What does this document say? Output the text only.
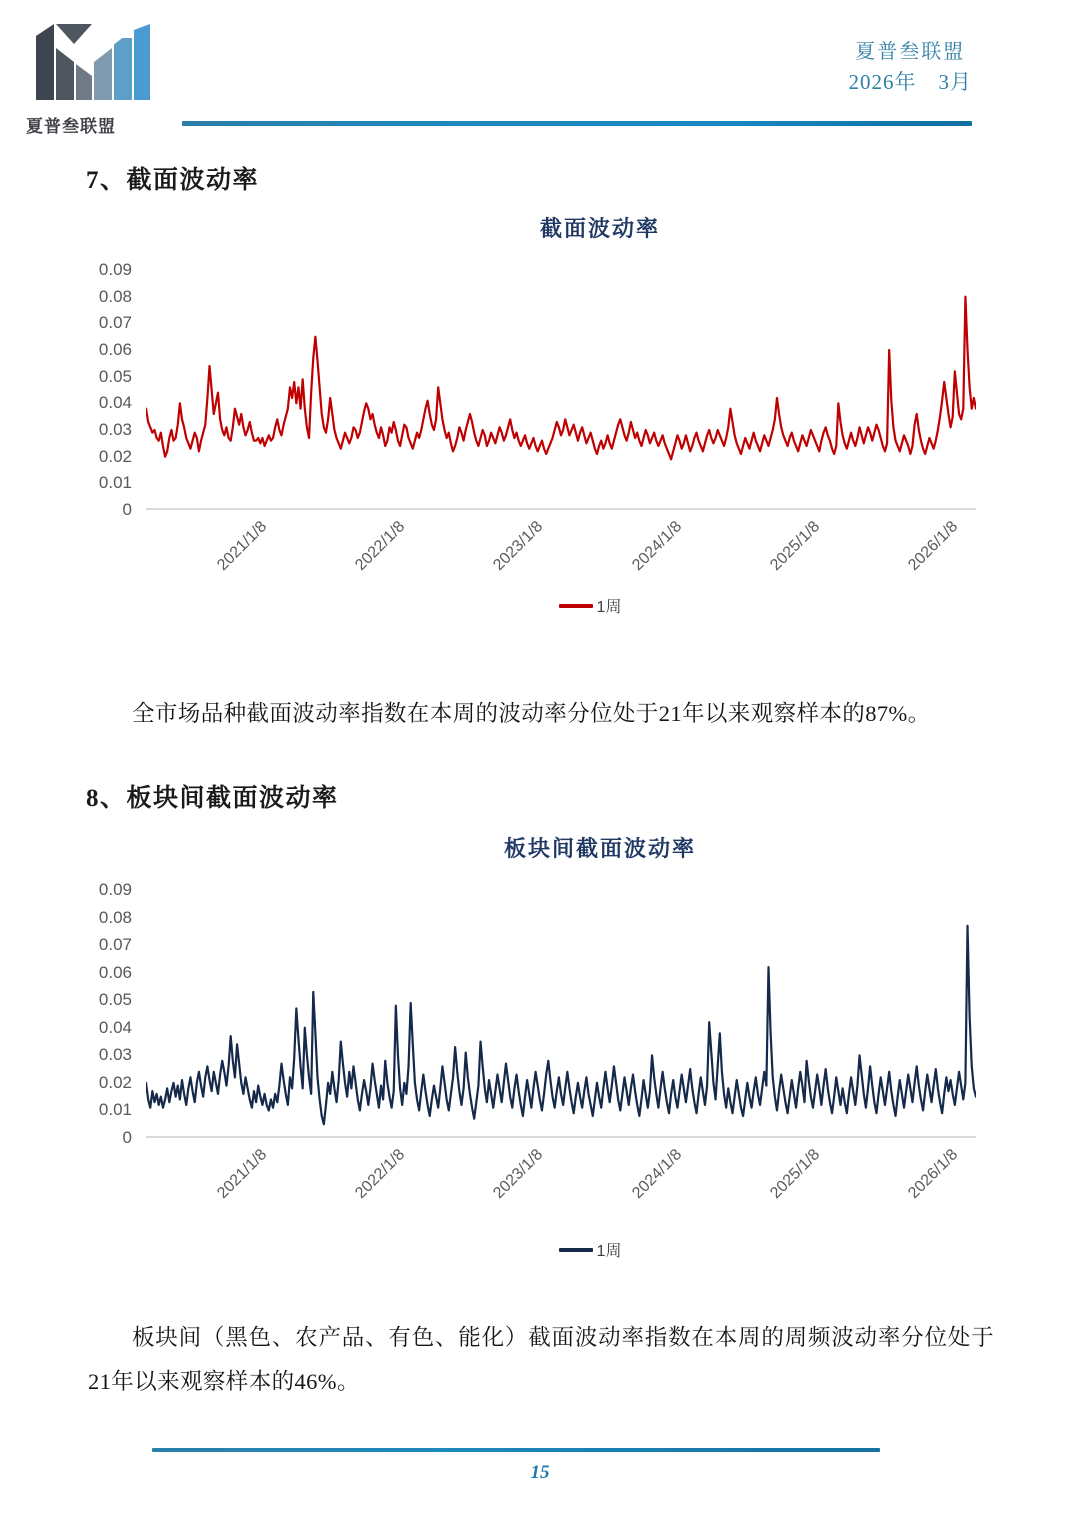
夏普叁联盟
夏普叁联盟
2026年　3月
7、截面波动率
截面波动率
0.09
0.08
0.07
0.06
0.05
0.04
0.03
0.02
0.01
0
2021/1/8	2022/1/8	2023/1/8	2024/1/8	2025/1/8	2026/1/8
1周
全市场品种截面波动率指数在本周的波动率分位处于21年以来观察样本的87%。
8、板块间截面波动率
板块间截面波动率
0.09
0.08
0.07
0.06
0.05
0.04
0.03
0.02
0.01
0
2021/1/8	2022/1/8	2023/1/8	2024/1/8	2025/1/8	2026/1/8
1周
板块间（黑色、农产品、有色、能化）截面波动率指数在本周的周频波动率分位处于21年以来观察样本的46%。
15
